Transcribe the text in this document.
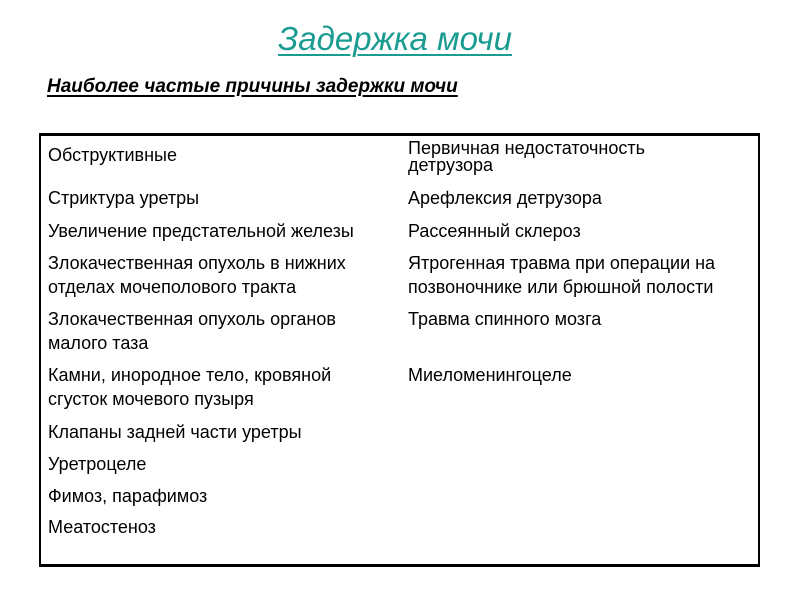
Задержка мочи
Наиболее частые причины задержки мочи
Обструктивные
Стриктура уретры
Увеличение предстательной железы
Злокачественная опухоль в нижних
отделах мочеполового тракта
Злокачественная опухоль органов
малого таза
Камни, инородное тело, кровяной
сгусток мочевого пузыря
Клапаны задней части уретры
Уретроцеле
Фимоз, парафимоз
Меатостеноз
Первичная недостаточность
детрузора
Арефлексия детрузора
Рассеянный склероз
Ятрогенная травма при операции на
позвоночнике или брюшной полости
Травма спинного мозга
Миеломенингоцеле
